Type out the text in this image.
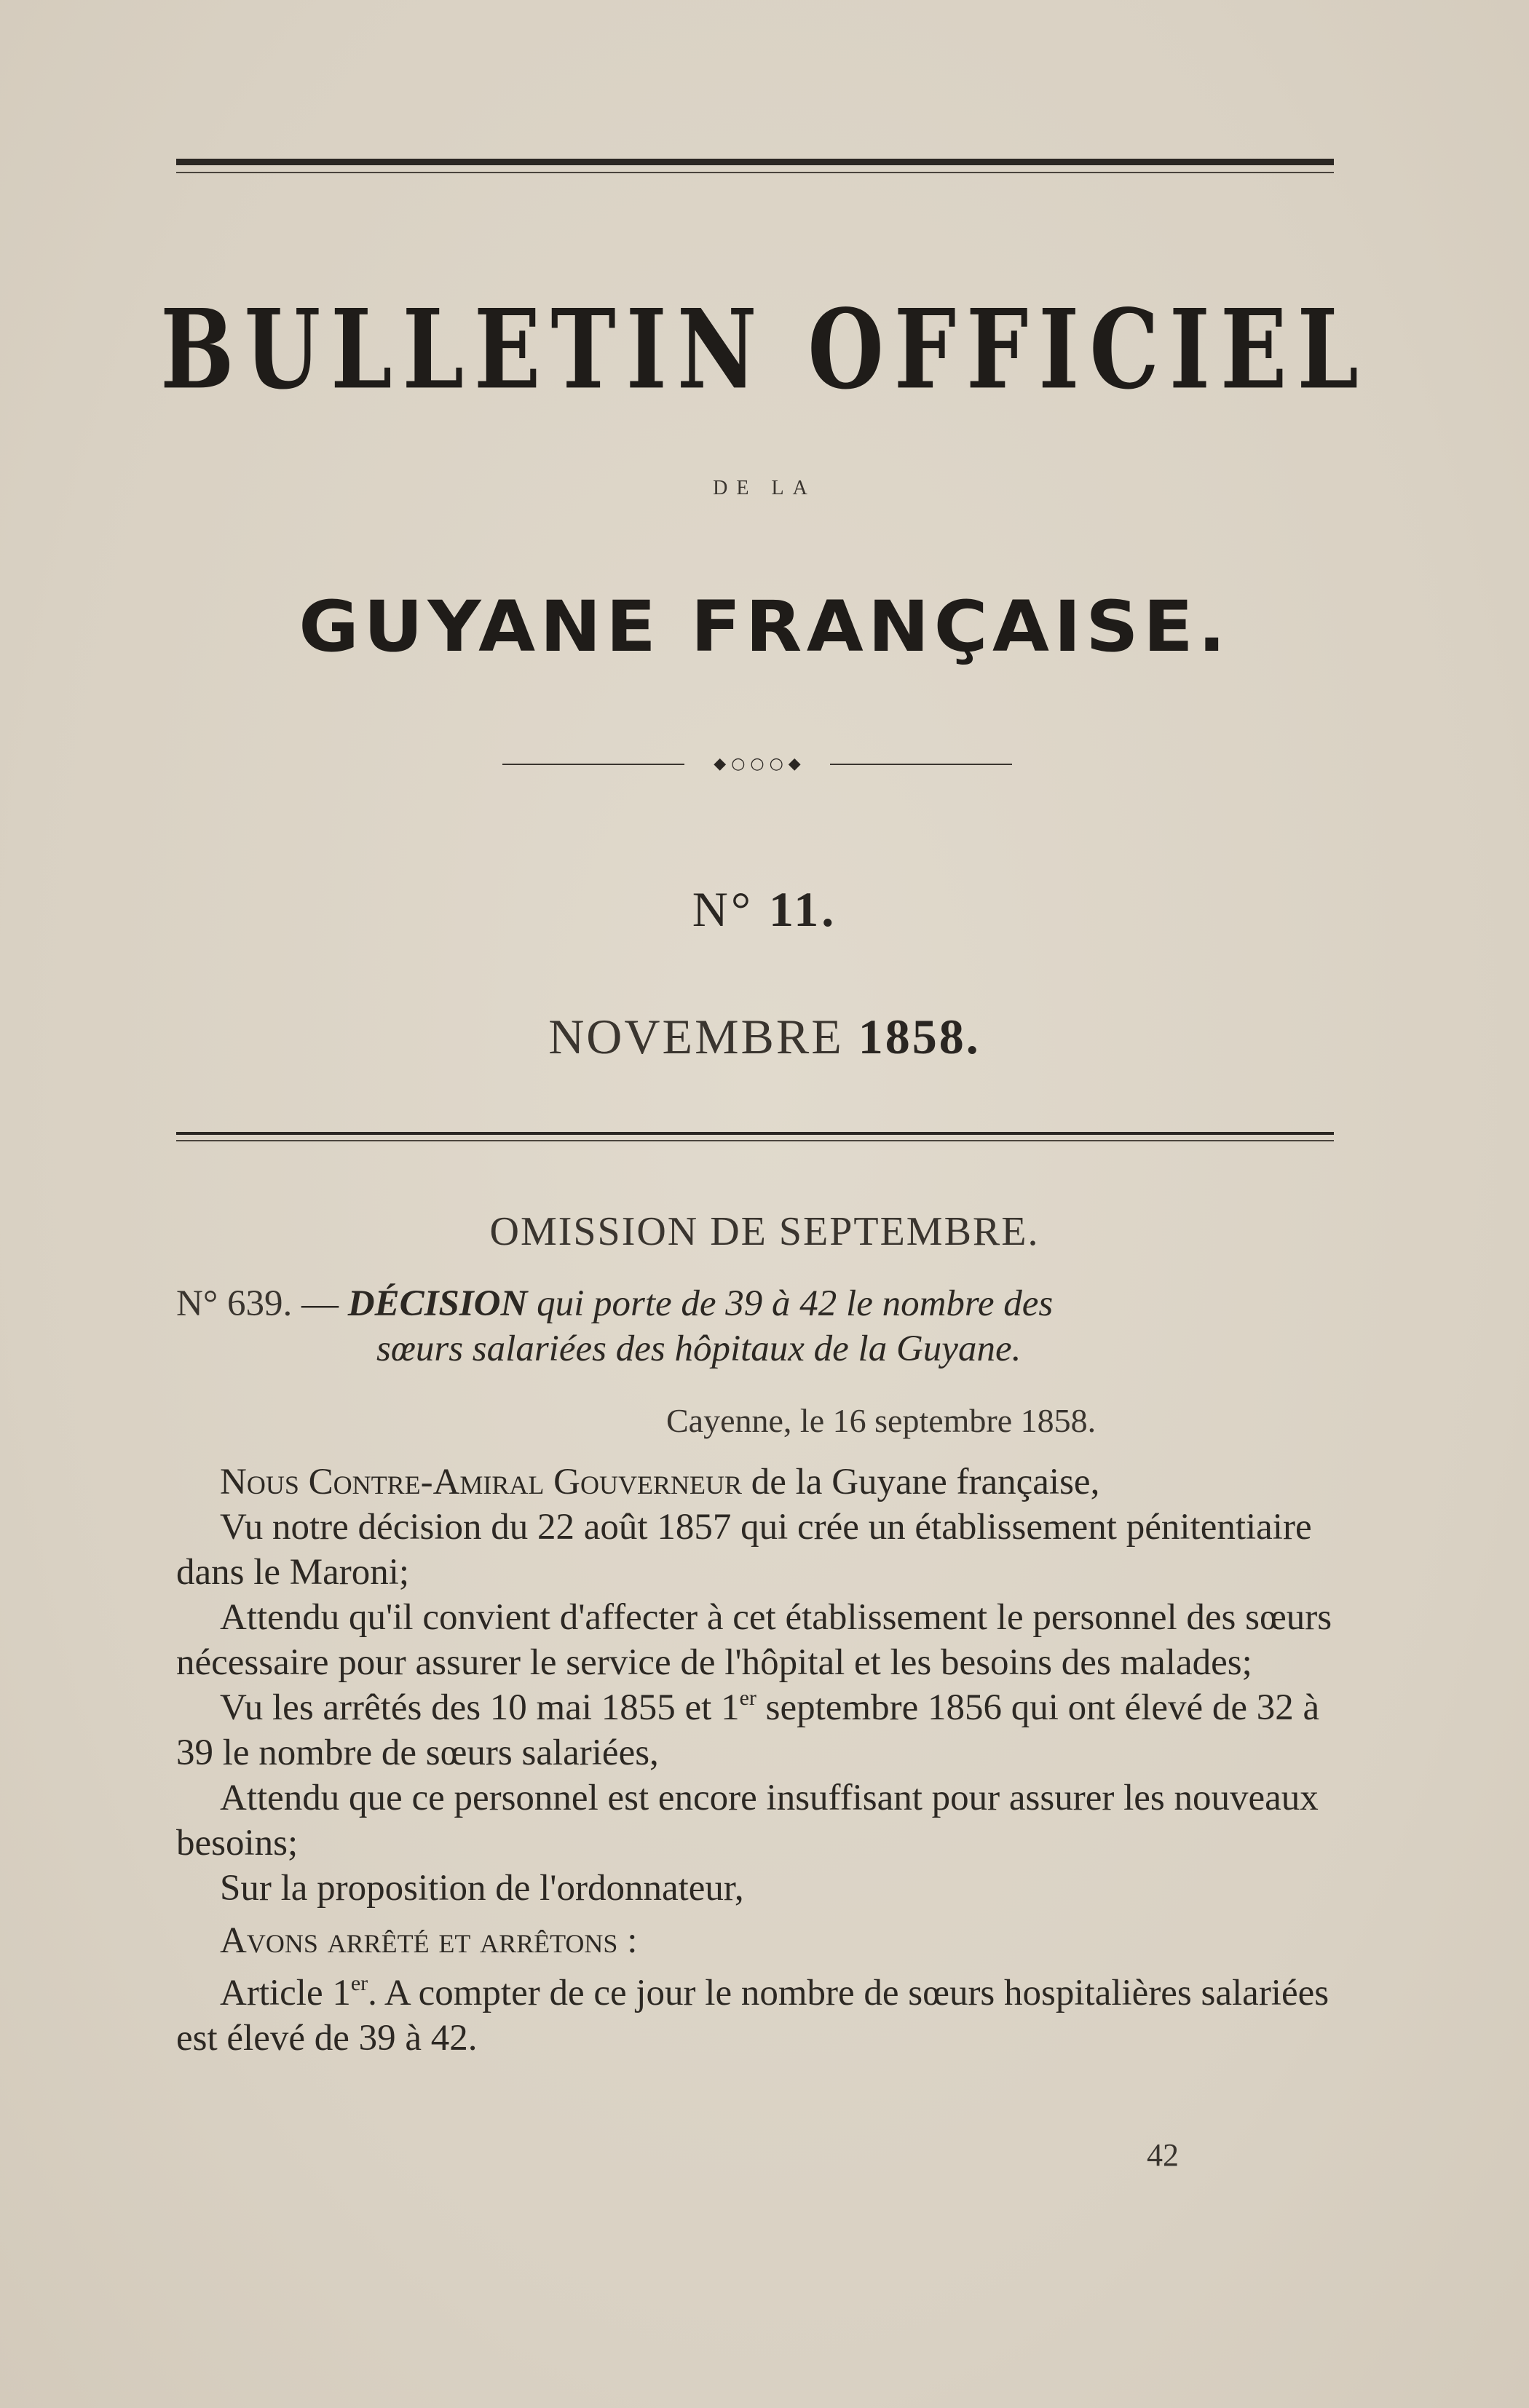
BULLETIN OFFICIEL
DE LA
GUYANE FRANÇAISE.
◆ ○ ○ ○ ◆
N° 11.
NOVEMBRE 1858.
OMISSION DE SEPTEMBRE.
N° 639. — DÉCISION qui porte de 39 à 42 le nombre des
sœurs salariées des hôpitaux de la Guyane.
Cayenne, le 16 septembre 1858.

Nous Contre-Amiral Gouverneur de la Guyane française,

Vu notre décision du 22 août 1857 qui crée un établissement pénitentiaire dans le Maroni;

Attendu qu'il convient d'affecter à cet établissement le personnel des sœurs nécessaire pour assurer le service de l'hôpital et les besoins des malades;

Vu les arrêtés des 10 mai 1855 et 1er septembre 1856 qui ont élevé de 32 à 39 le nombre de sœurs salariées,

Attendu que ce personnel est encore insuffisant pour assurer les nouveaux besoins;

Sur la proposition de l'ordonnateur,

Avons arrêté et arrêtons :

Article 1er. A compter de ce jour le nombre de sœurs hospitalières salariées est élevé de 39 à 42.

42
